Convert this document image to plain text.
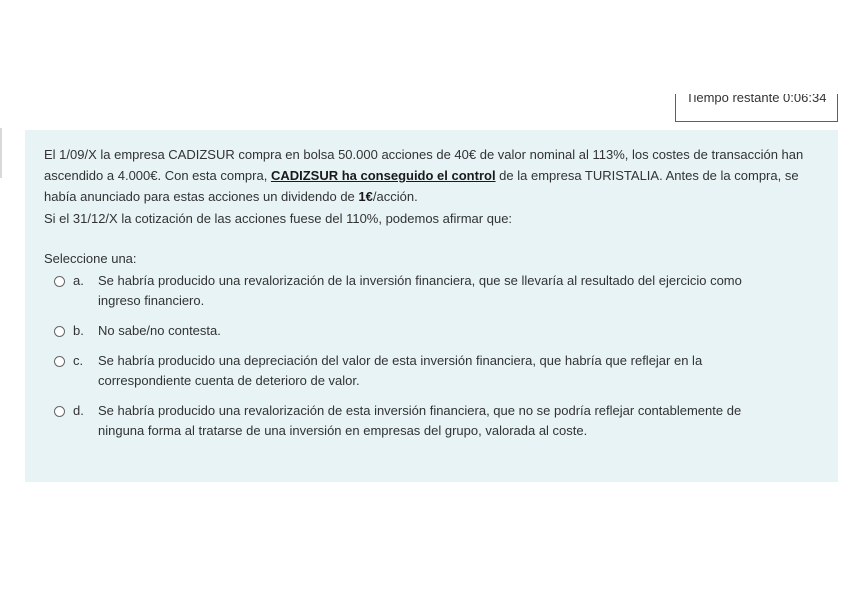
Tiempo restante 0:06:34

El 1/09/X la empresa CADIZSUR compra en bolsa 50.000 acciones de 40€ de valor nominal al 113%, los costes de transacción han ascendido a 4.000€. Con esta compra, CADIZSUR ha conseguido el control de la empresa TURISTALIA. Antes de la compra, se había anunciado para estas acciones un dividendo de 1€/acción.

Si el 31/12/X la cotización de las acciones fuese del 110%, podemos afirmar que:

Seleccione una:
a.	Se habría producido una revalorización de la inversión financiera, que se llevaría al resultado del ejercicio como ingreso financiero.
b.	No sabe/no contesta.
c.	Se habría producido una depreciación del valor de esta inversión financiera, que habría que reflejar en la correspondiente cuenta de deterioro de valor.
d.	Se habría producido una revalorización de esta inversión financiera, que no se podría reflejar contablemente de ninguna forma al tratarse de una inversión en empresas del grupo, valorada al coste.
